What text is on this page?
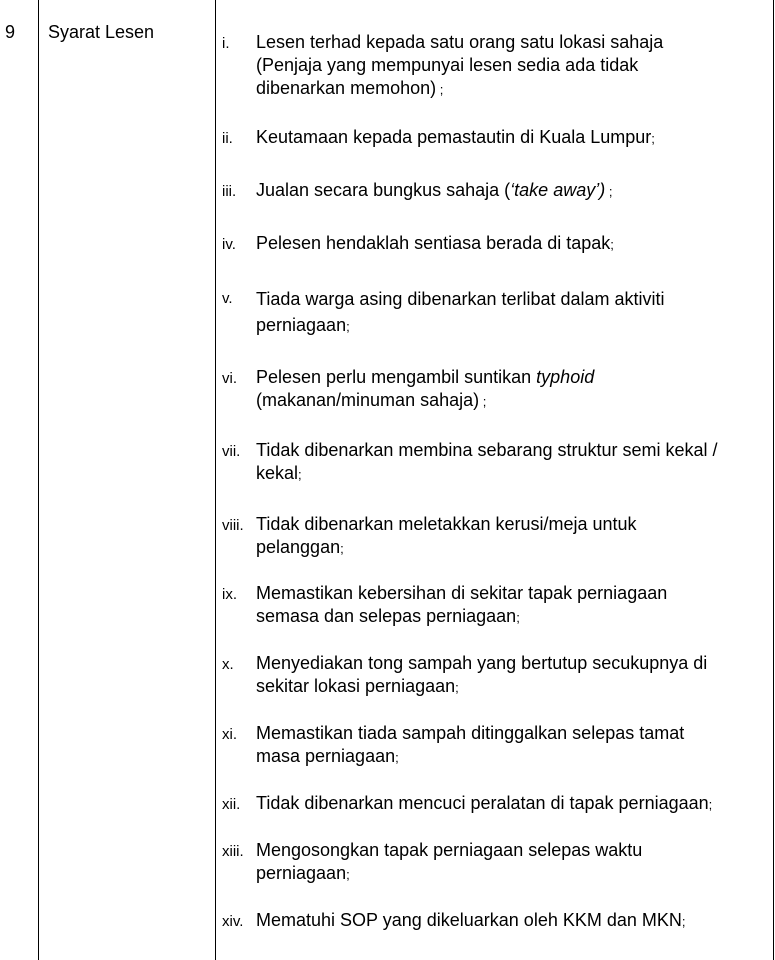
9 Syarat Lesen
i. Lesen terhad kepada satu orang satu lokasi sahaja
(Penjaja yang mempunyai lesen sedia ada tidak
dibenarkan memohon) ;
ii. Keutamaan kepada pemastautin di Kuala Lumpur;
iii. Jualan secara bungkus sahaja (‘take away’) ;
iv. Pelesen hendaklah sentiasa berada di tapak;
v. Tiada warga asing dibenarkan terlibat dalam aktiviti
perniagaan;
vi. Pelesen perlu mengambil suntikan typhoid
(makanan/minuman sahaja) ;
vii. Tidak dibenarkan membina sebarang struktur semi kekal /
kekal;
viii. Tidak dibenarkan meletakkan kerusi/meja untuk
pelanggan;
ix. Memastikan kebersihan di sekitar tapak perniagaan
semasa dan selepas perniagaan;
x. Menyediakan tong sampah yang bertutup secukupnya di
sekitar lokasi perniagaan;
xi. Memastikan tiada sampah ditinggalkan selepas tamat
masa perniagaan;
xii. Tidak dibenarkan mencuci peralatan di tapak perniagaan;
xiii. Mengosongkan tapak perniagaan selepas waktu
perniagaan;
xiv. Mematuhi SOP yang dikeluarkan oleh KKM dan MKN;
